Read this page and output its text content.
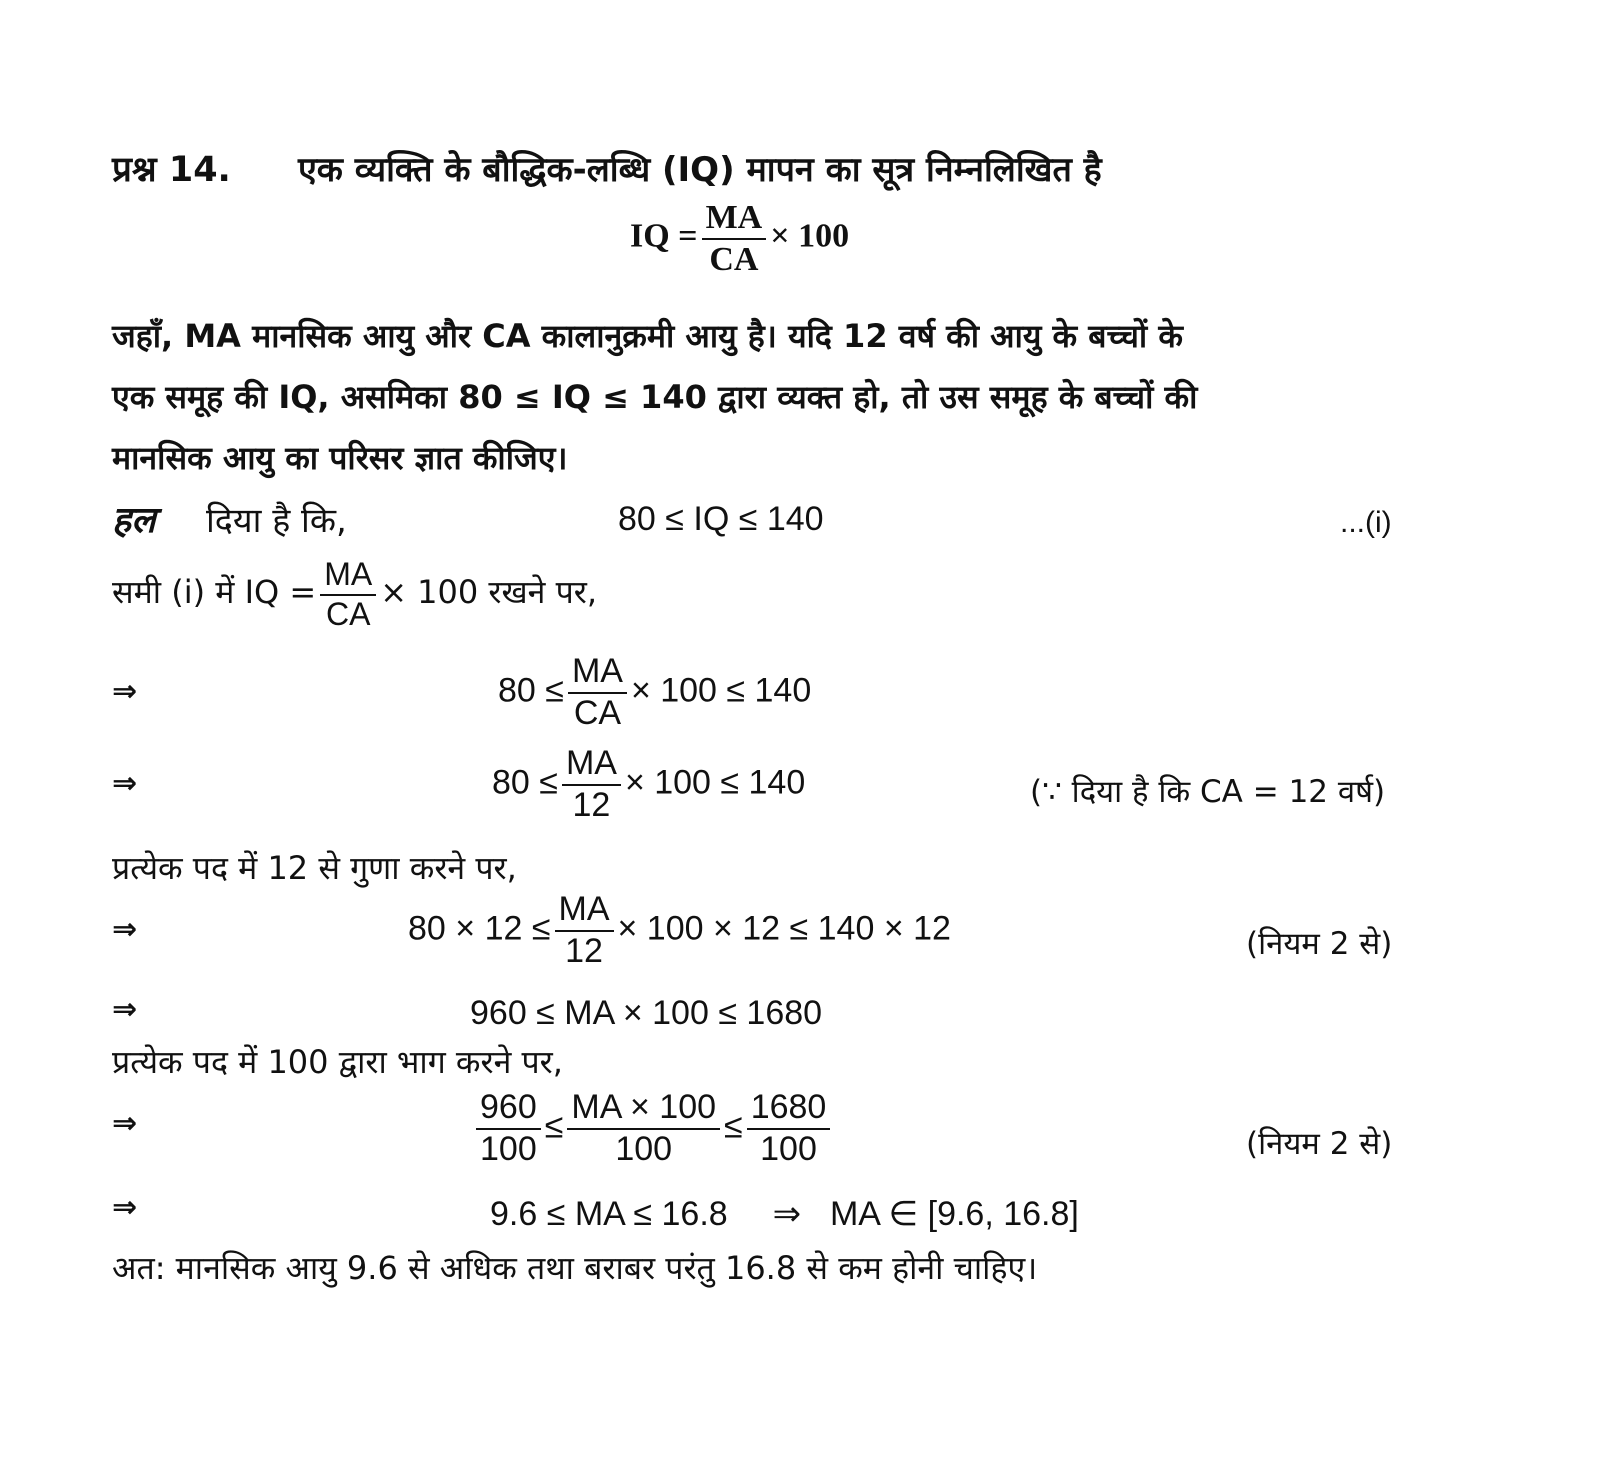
प्रश्न 14. एक व्यक्ति के बौद्धिक-लब्धि (IQ) मापन का सूत्र निम्नलिखित है
IQ = $\frac{MA}{CA} \times 100$
जहाँ, MA मानसिक आयु और CA कालानुक्रमी आयु है। यदि 12 वर्ष की आयु के बच्चों के
एक समूह की IQ, असमिका 80 ≤ IQ ≤ 140 द्वारा व्यक्त हो, तो उस समूह के बच्चों की
मानसिक आयु का परिसर ज्ञात कीजिए।
हल दिया है कि,	80 ≤ IQ ≤ 140	...(i)
समी (i) में IQ = $\frac{MA}{CA} \times 100$ रखने पर,
⇒	$80 \le \frac{MA}{CA} \times 100 \le 140$
⇒	$80 \le \frac{MA}{12} \times 100 \le 140$	(∵ दिया है कि CA = 12 वर्ष)
प्रत्येक पद में 12 से गुणा करने पर,
⇒	$80 \times 12 \le \frac{MA}{12} \times 100 \times 12 \le 140 \times 12$	(नियम 2 से)
⇒	960 ≤ MA × 100 ≤ 1680
प्रत्येक पद में 100 द्वारा भाग करने पर,
⇒	$\frac{960}{100} \le \frac{MA \times 100}{100} \le \frac{1680}{100}$	(नियम 2 से)
⇒	9.6 ≤ MA ≤ 16.8 ⇒ MA ∈ [9.6, 16.8]
अत: मानसिक आयु 9.6 से अधिक तथा बराबर परंतु 16.8 से कम होनी चाहिए।
